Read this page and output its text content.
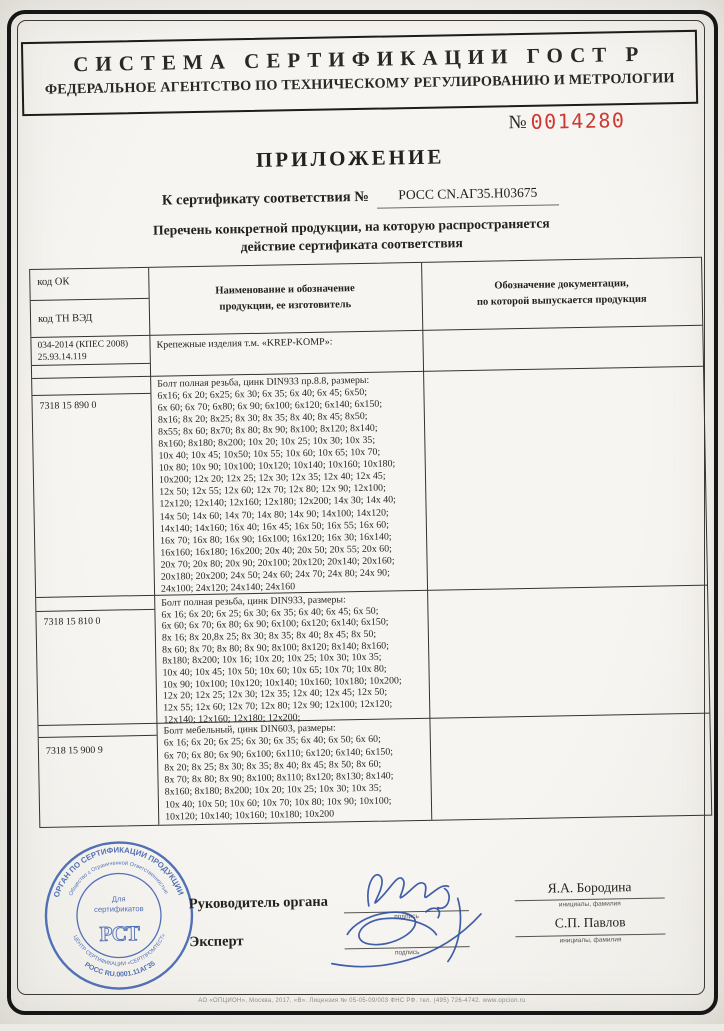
СИСТЕМА СЕРТИФИКАЦИИ ГОСТ Р
ФЕДЕРАЛЬНОЕ АГЕНТСТВО ПО ТЕХНИЧЕСКОМУ РЕГУЛИРОВАНИЮ И МЕТРОЛОГИИ
№ 0014280
ПРИЛОЖЕНИЕ
К сертификату соответствия №	РОСС CN.АГ35.Н03675
Перечень конкретной продукции, на которую распространяется
действие сертификата соответствия
код ОК
код ТН ВЭД
Наименование и обозначение
продукции, ее изготовитель
Обозначение документации,
по которой выпускается продукция
034-2014 (КПЕС 2008)
25.93.14.119
Крепежные изделия т.м. «KREP-KOMP»:
7318 15 890 0
Болт полная резьба, цинк DIN933 пр.8.8, размеры:
6x16; 6x 20; 6x25; 6x 30; 6x 35; 6x 40; 6x 45; 6x50;
6x 60; 6x 70; 6x80; 6x 90; 6x100; 6x120; 6x140; 6x150;
8x16; 8x 20; 8x25; 8x 30; 8x 35; 8x 40; 8x 45; 8x50;
8x55; 8x 60; 8x70; 8x 80; 8x 90; 8x100; 8x120; 8x140;
8x160; 8x180; 8x200; 10x 20; 10x 25; 10x 30; 10x 35;
10x 40; 10x 45; 10x50; 10x 55; 10x 60; 10x 65; 10x 70;
10x 80; 10x 90; 10x100; 10x120; 10x140; 10x160; 10x180;
10x200; 12x 20; 12x 25; 12x 30; 12x 35; 12x 40; 12x 45;
12x 50; 12x 55; 12x 60; 12x 70; 12x 80; 12x 90; 12x100;
12x120; 12x140; 12x160; 12x180; 12x200; 14x 30; 14x 40;
14x 50; 14x 60; 14x 70; 14x 80; 14x 90; 14x100; 14x120;
14x140; 14x160; 16x 40; 16x 45; 16x 50; 16x 55; 16x 60;
16x 70; 16x 80; 16x 90; 16x100; 16x120; 16x 30; 16x140;
16x160; 16x180; 16x200; 20x 40; 20x 50; 20x 55; 20x 60;
20x 70; 20x 80; 20x 90; 20x100; 20x120; 20x140; 20x160;
20x180; 20x200; 24x 50; 24x 60; 24x 70; 24x 80; 24x 90;
24x100; 24x120; 24x140; 24x160
7318 15 810 0
Болт полная резьба, цинк DIN933, размеры:
6x 16; 6x 20; 6x 25; 6x 30; 6x 35; 6x 40; 6x 45; 6x 50;
6x 60; 6x 70; 6x 80; 6x 90; 6x100; 6x120; 6x140; 6x150;
8x 16; 8x 20,8x 25; 8x 30; 8x 35; 8x 40; 8x 45; 8x 50;
8x 60; 8x 70; 8x 80; 8x 90; 8x100; 8x120; 8x140; 8x160;
8x180; 8x200; 10x 16; 10x 20; 10x 25; 10x 30; 10x 35;
10x 40; 10x 45; 10x 50; 10x 60; 10x 65; 10x 70; 10x 80;
10x 90; 10x100; 10x120; 10x140; 10x160; 10x180; 10x200;
12x 20; 12x 25; 12x 30; 12x 35; 12x 40; 12x 45; 12x 50;
12x 55; 12x 60; 12x 70; 12x 80; 12x 90; 12x100; 12x120;
12x140; 12x160; 12x180; 12x200;
7318 15 900 9
Болт мебельный, цинк DIN603, размеры:
6x 16; 6x 20; 6x 25; 6x 30; 6x 35; 6x 40; 6x 50; 6x 60;
6x 70; 6x 80; 6x 90; 6x100; 6x110; 6x120; 6x140; 6x150;
8x 20; 8x 25; 8x 30; 8x 35; 8x 40; 8x 45; 8x 50; 8x 60;
8x 70; 8x 80; 8x 90; 8x100; 8x110; 8x120; 8x130; 8x140;
8x160; 8x180; 8x200; 10x 20; 10x 25; 10x 30; 10x 35;
10x 40; 10x 50; 10x 60; 10x 70; 10x 80; 10x 90; 10x100;
10x120; 10x140; 10x160; 10x180; 10x200
ОРГАН ПО СЕРТИФИКАЦИИ ПРОДУКЦИИ
РОСС RU.0001.11АГ35
Общество с Ограниченной Ответственностью
ЦЕНТР СЕРТИФИКАЦИИ «СЕРТПРОМТЕСТ»
Для
сертификатов
РСТ
Руководитель органа
Эксперт
подпись
подпись
Я.А. Бородина
инициалы, фамилия
С.П. Павлов
инициалы, фамилия
АО «ОПЦИОН», Москва, 2017, «В». Лицензия № 05-05-09/003 ФНС РФ. тел. (495) 726-4742. www.opcion.ru
